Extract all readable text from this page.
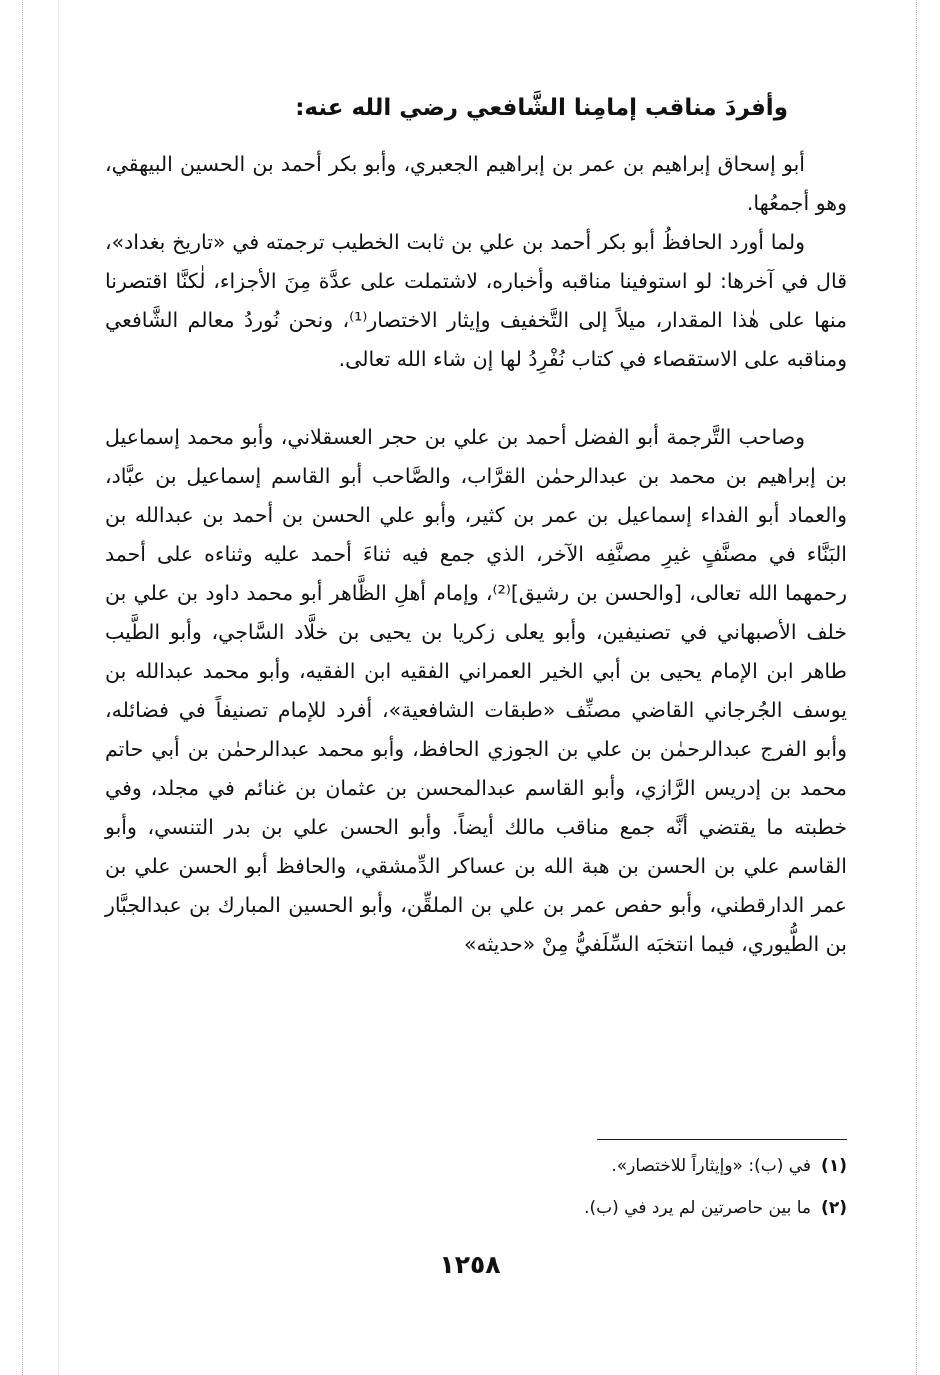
وأفردَ مناقب إمامِنا الشَّافعي رضي الله عنه:

أبو إسحاق إبراهيم بن عمر بن إبراهيم الجعبري، وأبو بكر أحمد بن الحسين البيهقي، وهو أجمعُها.

ولما أورد الحافظُ أبو بكر أحمد بن علي بن ثابت الخطيب ترجمته في «تاريخ بغداد»، قال في آخرها: لو استوفينا مناقبه وأخباره، لاشتملت على عدَّة مِنَ الأجزاء، لٰكنَّا اقتصرنا منها على هٰذا المقدار، ميلاً إلى التَّخفيف وإيثار الاختصار⁽¹⁾، ونحن نُوردُ معالم الشَّافعي ومناقبه على الاستقصاء في كتاب نُفْرِدُ لها إن شاء الله تعالى.

وصاحب التَّرجمة أبو الفضل أحمد بن علي بن حجر العسقلاني، وأبو محمد إسماعيل بن إبراهيم بن محمد بن عبدالرحمٰن القرَّاب، والصَّاحب أبو القاسم إسماعيل بن عبَّاد، والعماد أبو الفداء إسماعيل بن عمر بن كثير، وأبو علي الحسن بن أحمد بن عبدالله بن البَنَّاء في مصنَّفٍ غيرِ مصنَّفِه الآخر، الذي جمع فيه ثناءَ أحمد عليه وثناءه على أحمد رحمهما الله تعالى، [والحسن بن رشيق]⁽²⁾، وإمام أهلِ الظَّاهر أبو محمد داود بن علي بن خلف الأصبهاني في تصنيفين، وأبو يعلى زكريا بن يحيى بن خلَّاد السَّاجي، وأبو الطَّيب طاهر ابن الإمام يحيى بن أبي الخير العمراني الفقيه ابن الفقيه، وأبو محمد عبدالله بن يوسف الجُرجاني القاضي مصنِّف «طبقات الشافعية»، أفرد للإمام تصنيفاً في فضائله، وأبو الفرج عبدالرحمٰن بن علي بن الجوزي الحافظ، وأبو محمد عبدالرحمٰن بن أبي حاتم محمد بن إدريس الرَّازي، وأبو القاسم عبدالمحسن بن عثمان بن غنائم في مجلد، وفي خطبته ما يقتضي أنَّه جمع مناقب مالك أيضاً. وأبو الحسن علي بن بدر التنسي، وأبو القاسم علي بن الحسن بن هبة الله بن عساكر الدِّمشقي، والحافظ أبو الحسن علي بن عمر الدارقطني، وأبو حفص عمر بن علي بن الملقِّن، وأبو الحسين المبارك بن عبدالجبَّار بن الطُّيوري، فيما انتخبَه السِّلَفيُّ مِنْ «حديثه»

(١)في (ب): «وإيثاراً للاختصار».
(٢)ما بين حاصرتين لم يرد في (ب).
١٢٥٨
